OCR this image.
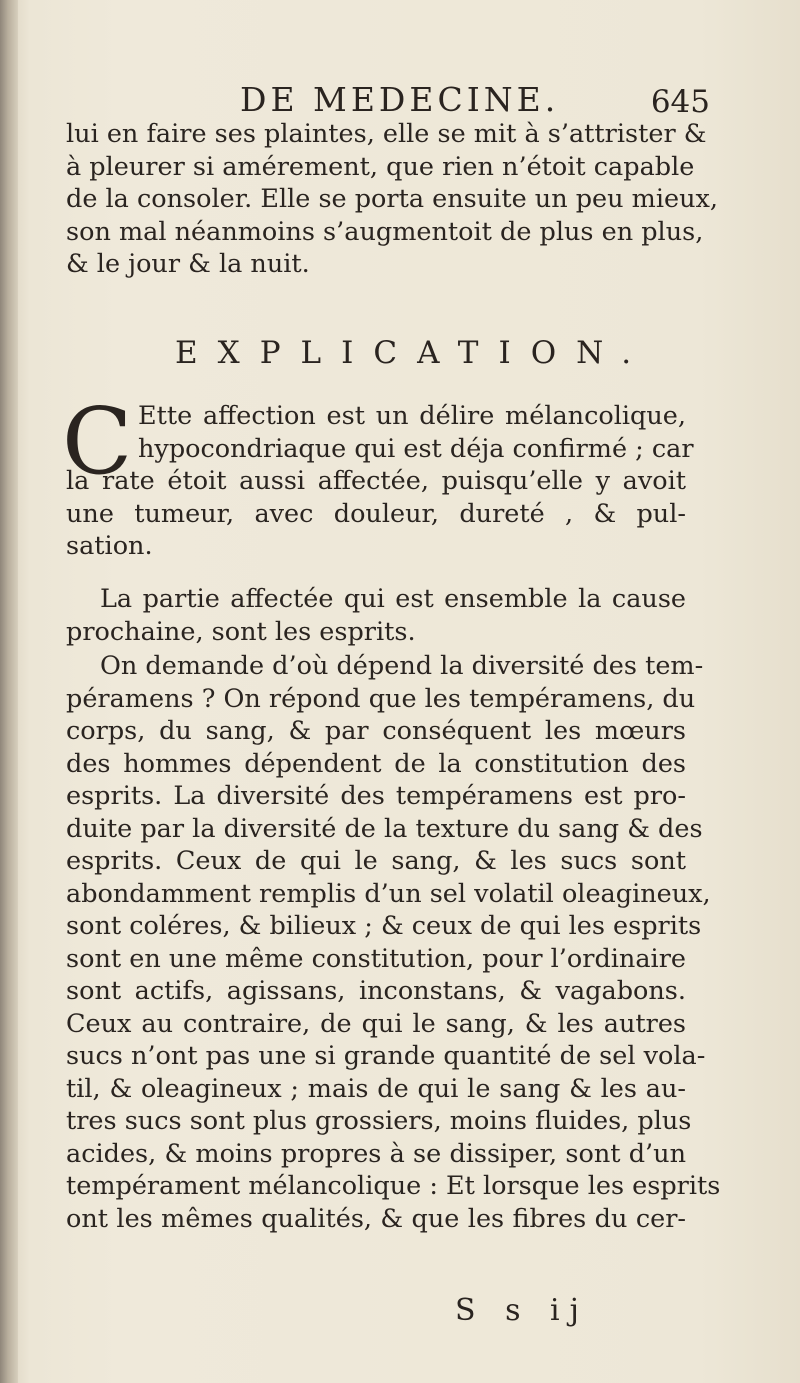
DE MEDECINE.	645
lui en faire ses plaintes, elle se mit à s’attrister &
à pleurer si amérement, que rien n’étoit capable
de la consoler. Elle se porta ensuite un peu mieux,
son mal néanmoins s’augmentoit de plus en plus,
& le jour & la nuit.
EXPLICATION.
C Ette affection est un délire mélancolique,
hypocondriaque qui est déja confirmé ; car
la rate étoit aussi affectée, puisqu’elle y avoit
une tumeur, avec douleur, dureté , & pul-
sation.
La partie affectée qui est ensemble la cause
prochaine, sont les esprits.
On demande d’où dépend la diversité des tem-
péramens ? On répond que les tempéramens, du
corps, du sang, & par conséquent les mœurs
des hommes dépendent de la constitution des
esprits. La diversité des tempéramens est pro-
duite par la diversité de la texture du sang & des
esprits. Ceux de qui le sang, & les sucs sont
abondamment remplis d’un sel volatil oleagineux,
sont coléres, & bilieux ; & ceux de qui les esprits
sont en une même constitution, pour l’ordinaire
sont actifs, agissans, inconstans, & vagabons.
Ceux au contraire, de qui le sang, & les autres
sucs n’ont pas une si grande quantité de sel vola-
til, & oleagineux ; mais de qui le sang & les au-
tres sucs sont plus grossiers, moins fluides, plus
acides, & moins propres à se dissiper, sont d’un
tempérament mélancolique : Et lorsque les esprits
ont les mêmes qualités, & que les fibres du cer-
S s ij
